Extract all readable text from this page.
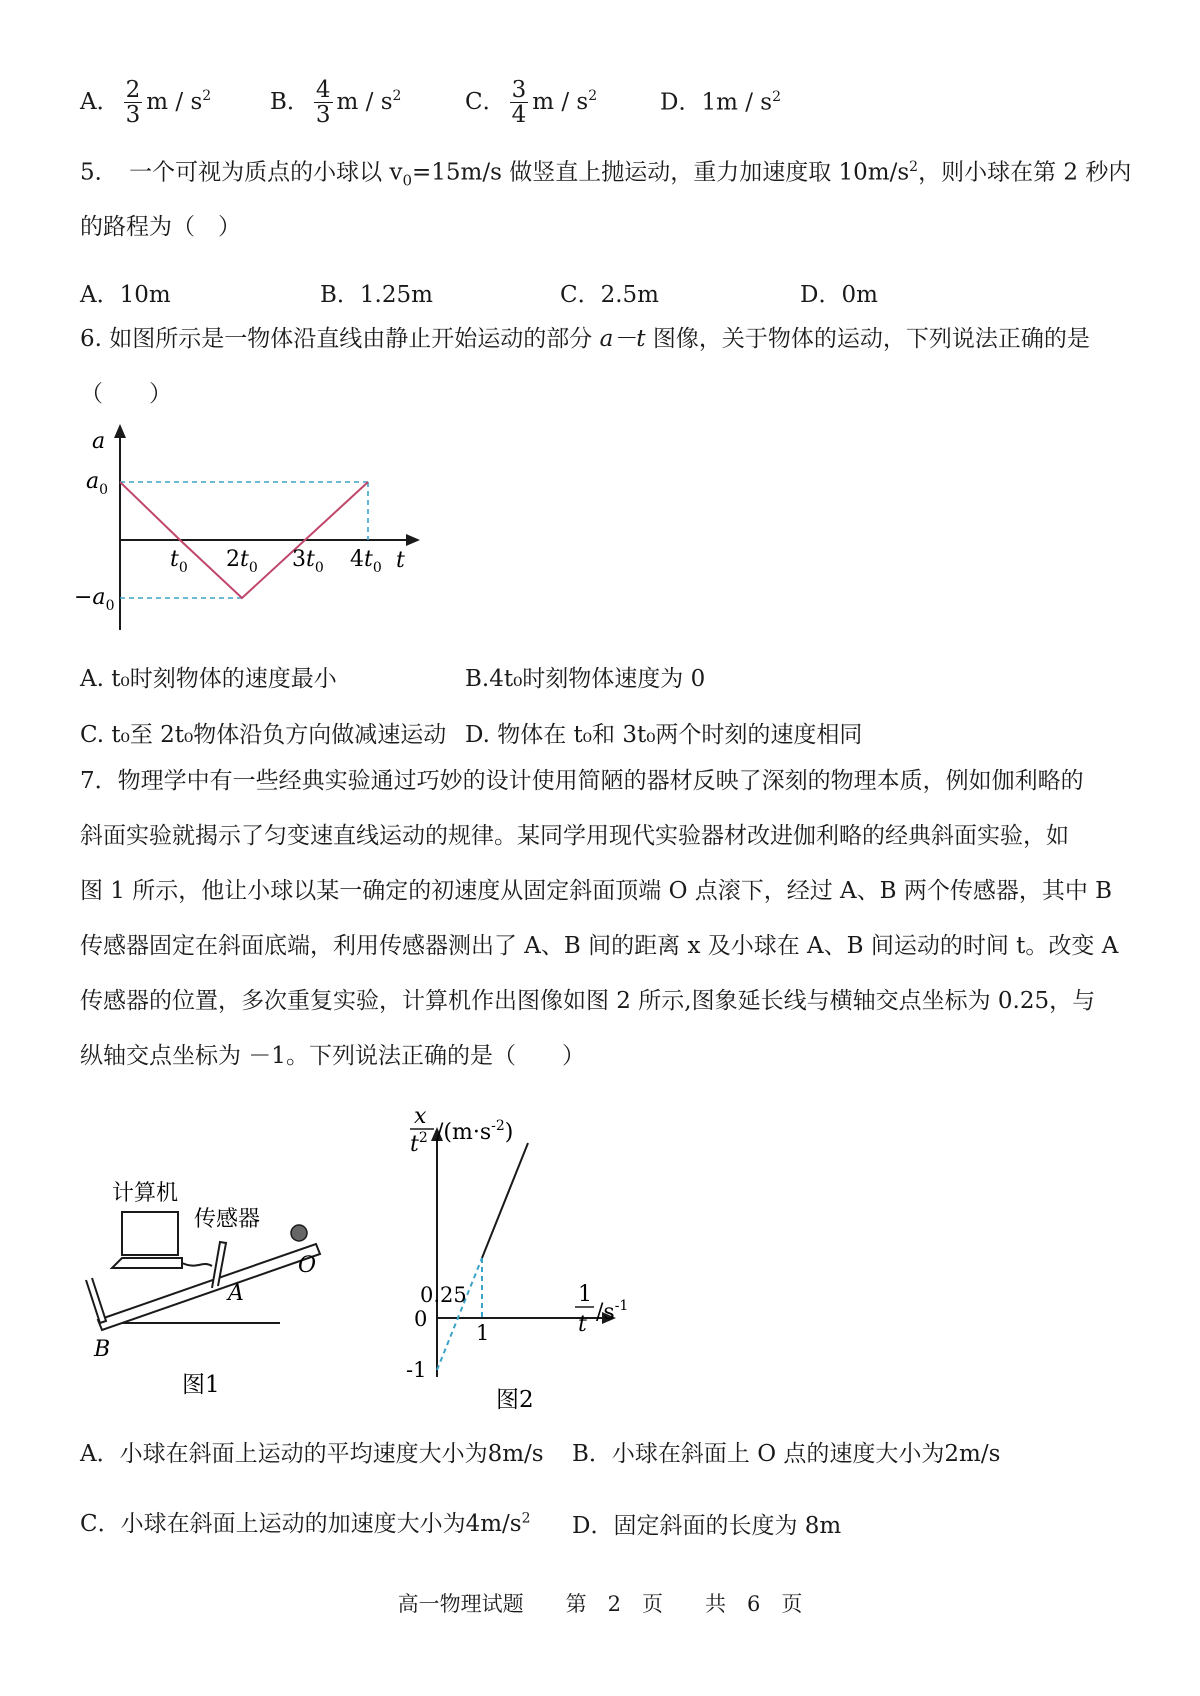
A． $\frac{2}{3}$ m / $s^2$	B． $\frac{4}{3}$ m / $s^2$	C． $\frac{3}{4}$ m / $s^2$	D．$1m / s^2$
5．　一个可视为质点的小球以 $v_0=15m/s$ 做竖直上抛运动，重力加速度取 $10m/s^2$，则小球在第 2 秒内
的路程为（　）
A．10m	B．1.25m	C．2.5m	D．0m
6. 如图所示是一物体沿直线由静止开始运动的部分 a－t 图像，关于物体的运动，下列说法正确的是
（　　）
a
t
$a_0$
$-a_0$
$t_0$ $2t_0$ $3t_0$ $4t_0$
A. t₀时刻物体的速度最小	B.4t₀时刻物体速度为 0
C. t₀至 2t₀物体沿负方向做减速运动 D. 物体在 t₀和 3t₀两个时刻的速度相同
7．物理学中有一些经典实验通过巧妙的设计使用简陋的器材反映了深刻的物理本质，例如伽利略的
斜面实验就揭示了匀变速直线运动的规律。某同学用现代实验器材改进伽利略的经典斜面实验，如
图 1 所示，他让小球以某一确定的初速度从固定斜面顶端 O 点滚下，经过 A、B 两个传感器，其中 B
传感器固定在斜面底端，利用传感器测出了 A、B 间的距离 x 及小球在 A、B 间运动的时间 t。改变 A
传感器的位置，多次重复实验，计算机作出图像如图 2 所示,图象延长线与横轴交点坐标为 0.25，与
纵轴交点坐标为 －1。下列说法正确的是（　　）
计算机
传感器
O
A
B
图1
x
$t^2$ $/(m\cdot s^{-2})$
1
t $/s^{-1}$
0.25
0
1
-1
图2
A．小球在斜面上运动的平均速度大小为8m/s B．小球在斜面上 O 点的速度大小为2m/s
C．小球在斜面上运动的加速度大小为$4m/s^2$ D．固定斜面的长度为 8m
高一物理试题　　第　2　页　　共　6　页
